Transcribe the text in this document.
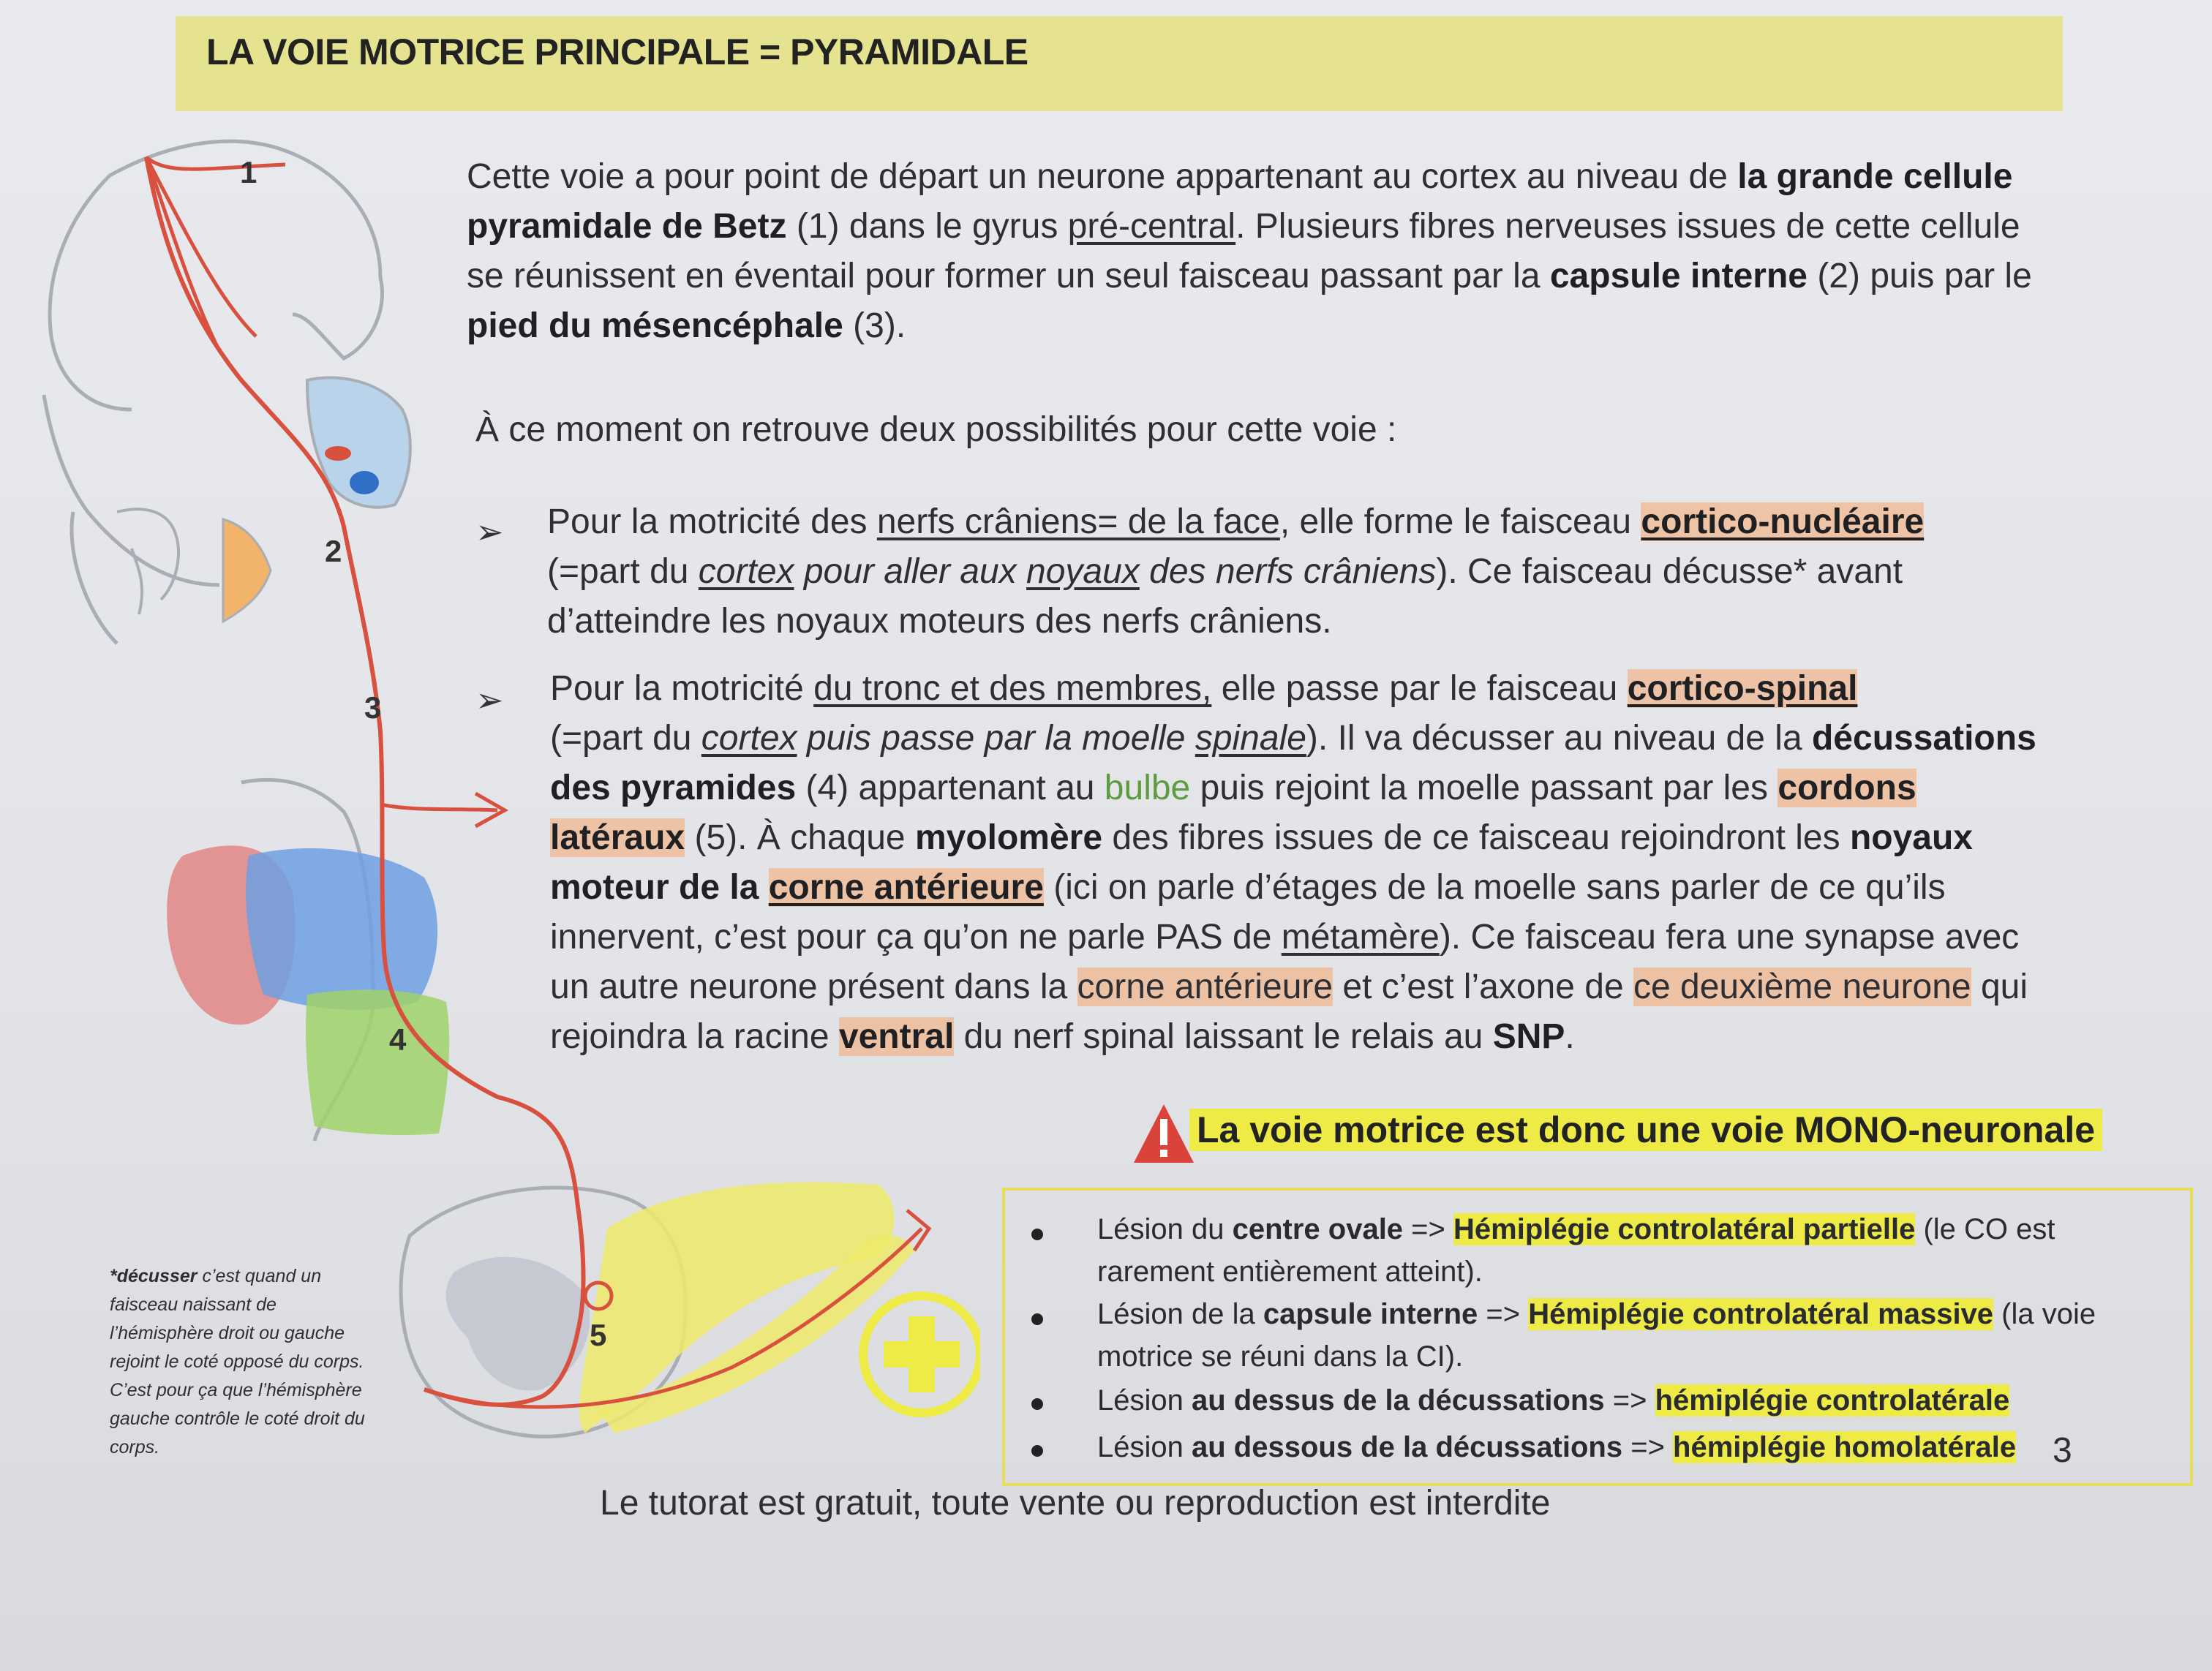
LA VOIE MOTRICE PRINCIPALE = PYRAMIDALE
1
2
3
4
5
Cette voie a pour point de départ un neurone appartenant au cortex au niveau de la grande cellule pyramidale de Betz (1) dans le gyrus pré-central. Plusieurs fibres nerveuses issues de cette cellule se réunissent en éventail pour former un seul faisceau passant par la capsule interne (2) puis par le pied du mésencéphale (3).
À ce moment on retrouve deux possibilités pour cette voie :
➢ Pour la motricité des nerfs crâniens= de la face, elle forme le faisceau cortico-nucléaire
(=part du cortex pour aller aux noyaux des nerfs crâniens). Ce faisceau décusse* avant d’atteindre les noyaux moteurs des nerfs crâniens.
➢ Pour la motricité du tronc et des membres, elle passe par le faisceau cortico-spinal
(=part du cortex puis passe par la moelle spinale). Il va décusser au niveau de la décussations des pyramides (4) appartenant au bulbe puis rejoint la moelle passant par les cordons latéraux (5). À chaque myolomère des fibres issues de ce faisceau rejoindront les noyaux moteur de la corne antérieure (ici on parle d’étages de la moelle sans parler de ce qu’ils innervent, c’est pour ça qu’on ne parle PAS de métamère). Ce faisceau fera une synapse avec un autre neurone présent dans la corne antérieure et c’est l’axone de ce deuxième neurone qui rejoindra la racine ventral du nerf spinal laissant le relais au SNP.
La voie motrice est donc une voie MONO-neuronale
Lésion du centre ovale => Hémiplégie controlatéral partielle (le CO est rarement entièrement atteint).
Lésion de la capsule interne => Hémiplégie controlatéral massive (la voie motrice se réuni dans la CI).
Lésion au dessus de la décussations => hémiplégie controlatérale
Lésion au dessous de la décussations => hémiplégie homolatérale	3
*décusser c’est quand un faisceau naissant de l’hémisphère droit ou gauche rejoint le coté opposé du corps. C’est pour ça que l’hémisphère gauche contrôle le coté droit du corps.
Le tutorat est gratuit, toute vente ou reproduction est interdite
